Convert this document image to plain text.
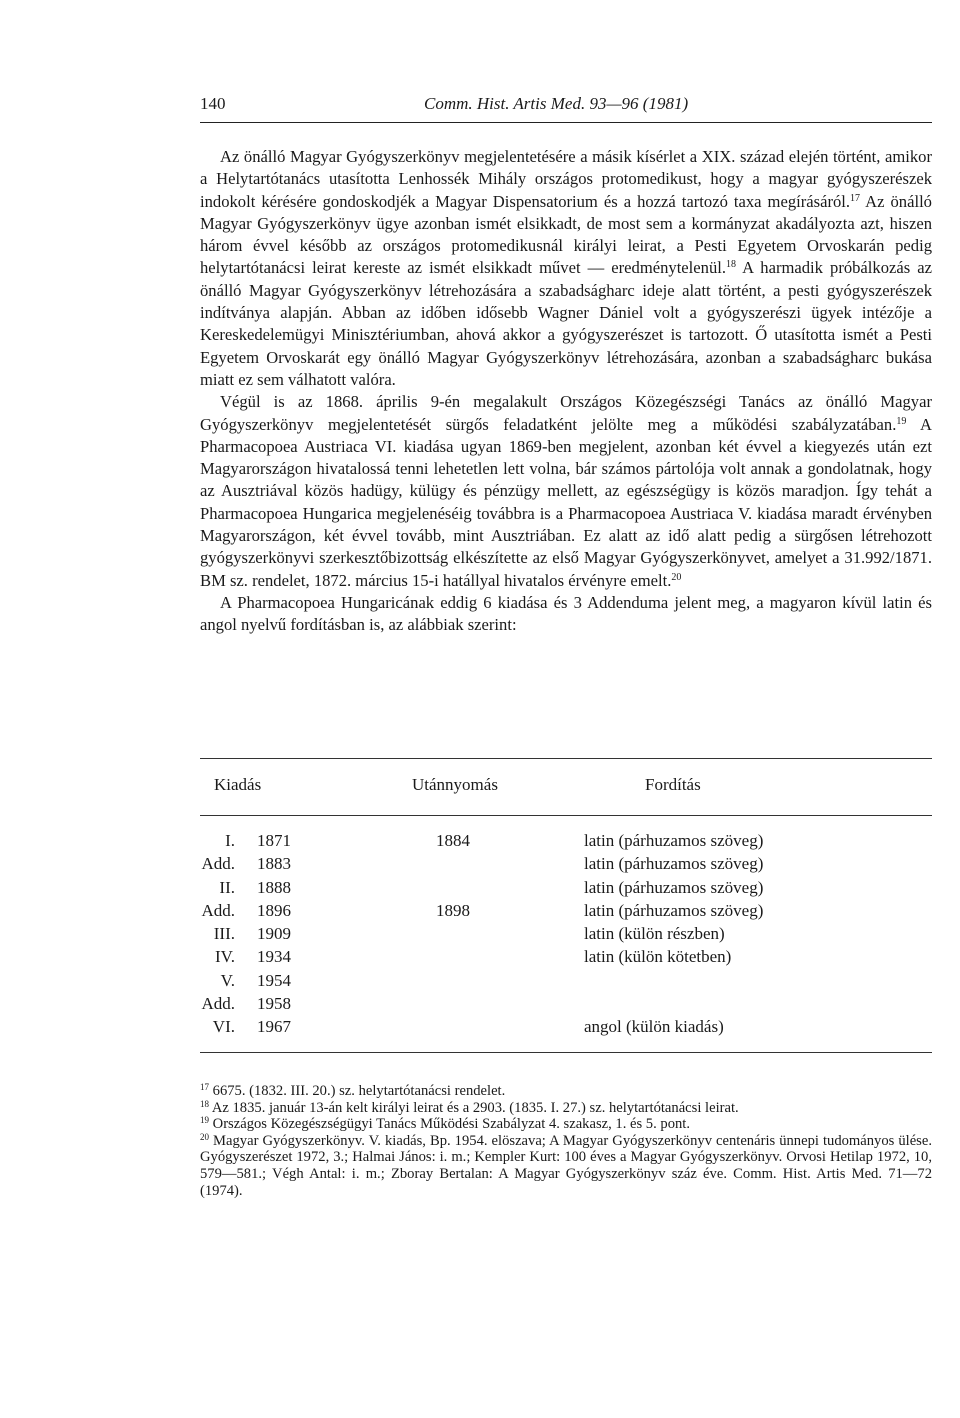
140	Comm. Hist. Artis Med. 93—96 (1981)

Az önálló Magyar Gyógyszerkönyv megjelentetésére a másik kísérlet a XIX. század elején történt, amikor a Helytartótanács utasította Lenhossék Mihály országos protomedikust, hogy a magyar gyógyszerészek indokolt kérésére gondoskodjék a Magyar Dispensatorium és a hozzá tartozó taxa megírásáról.$^{17}$ Az önálló Magyar Gyógyszerkönyv ügye azonban ismét elsikkadt, de most sem a kormányzat akadályozta azt, hiszen három évvel később az országos protomedikusnál királyi leirat, a Pesti Egyetem Orvoskarán pedig helytartótanácsi leirat kereste az ismét elsikkadt művet — eredménytelenül.$^{18}$ A harmadik próbálkozás az önálló Magyar Gyógyszerkönyv létrehozására a szabadságharc ideje alatt történt, a pesti gyógyszerészek indítványa alapján. Abban az időben idősebb Wagner Dániel volt a gyógyszerészi ügyek intézője a Kereskedelemügyi Minisztériumban, ahová akkor a gyógyszerészet is tartozott. Ő utasította ismét a Pesti Egyetem Orvoskarát egy önálló Magyar Gyógyszerkönyv létrehozására, azonban a szabadságharc bukása miatt ez sem válhatott valóra.

Végül is az 1868. április 9-én megalakult Országos Közegészségi Tanács az önálló Magyar Gyógyszerkönyv megjelentetését sürgős feladatként jelölte meg a működési szabályzatában.$^{19}$ A Pharmacopoea Austriaca VI. kiadása ugyan 1869-ben megjelent, azonban két évvel a kiegyezés után ezt Magyarországon hivatalossá tenni lehetetlen lett volna, bár számos pártolója volt annak a gondolatnak, hogy az Ausztriával közös hadügy, külügy és pénzügy mellett, az egészségügy is közös maradjon. Így tehát a Pharmacopoea Hungarica megjelenéséig továbbra is a Pharmacopoea Austriaca V. kiadása maradt érvényben Magyarországon, két évvel tovább, mint Ausztriában. Ez alatt az idő alatt pedig a sürgősen létrehozott gyógyszerkönyvi szerkesztőbizottság elkészítette az első Magyar Gyógyszerkönyvet, amelyet a 31.992/1871. BM sz. rendelet, 1872. március 15-i hatállyal hivatalos érvényre emelt.$^{20}$

A Pharmacopoea Hungaricának eddig 6 kiadása és 3 Addenduma jelent meg, a magyaron kívül latin és angol nyelvű fordításban is, az alábbiak szerint:

Kiadás	Utánnyomás	Fordítás
I. 1871	1884	latin (párhuzamos szöveg)
Add. 1883	latin (párhuzamos szöveg)
II. 1888	latin (párhuzamos szöveg)
Add. 1896	1898	latin (párhuzamos szöveg)
III. 1909	latin (külön részben)
IV. 1934	latin (külön kötetben)
V. 1954
Add. 1958
VI. 1967	angol (külön kiadás)

$^{17}$ 6675. (1832. III. 20.) sz. helytartótanácsi rendelet.

$^{18}$ Az 1835. január 13-án kelt királyi leirat és a 2903. (1835. I. 27.) sz. helytartótanácsi leirat.

$^{19}$ Országos Közegészségügyi Tanács Működési Szabályzat 4. szakasz, 1. és 5. pont.

$^{20}$ Magyar Gyógyszerkönyv. V. kiadás, Bp. 1954. elöszava; A Magyar Gyógyszerkönyv centenáris ünnepi tudományos ülése. Gyógyszerészet 1972, 3.; Halmai János: i. m.; Kempler Kurt: 100 éves a Magyar Gyógyszerkönyv. Orvosi Hetilap 1972, 10, 579—581.; Végh Antal: i. m.; Zboray Bertalan: A Magyar Gyógyszerkönyv száz éve. Comm. Hist. Artis Med. 71—72 (1974).
